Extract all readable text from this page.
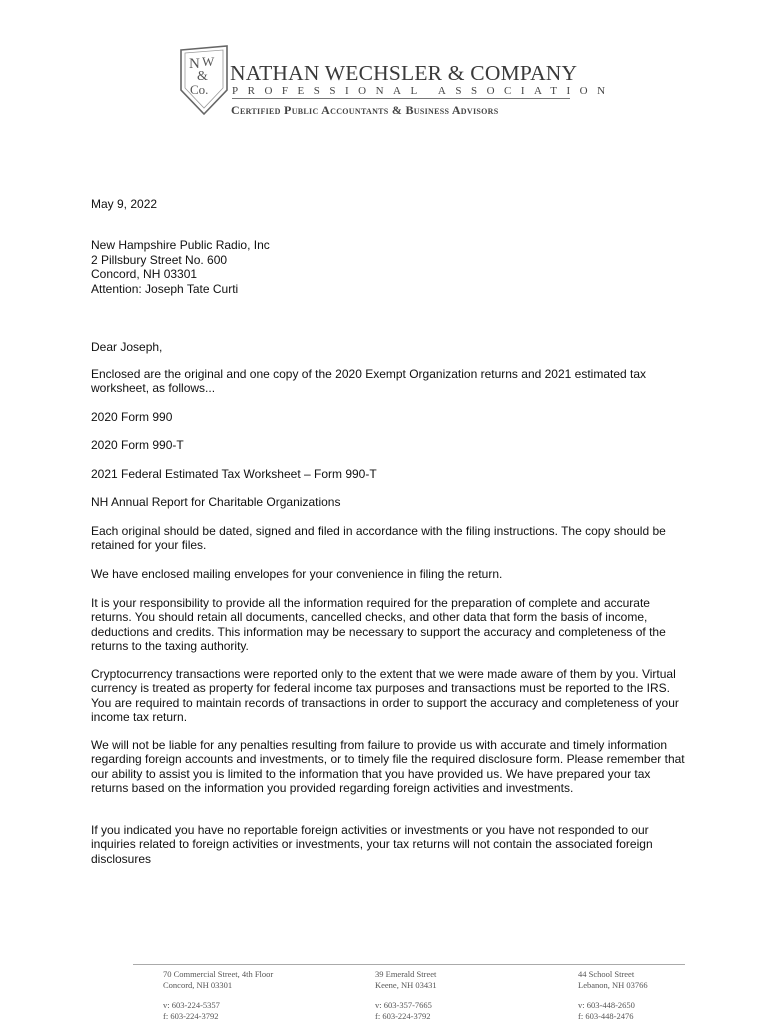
N W
&
Co.
NATHAN WECHSLER & COMPANY
PROFESSIONAL ASSOCIATION
Certified Public Accountants & Business Advisors

May 9, 2022

New Hampshire Public Radio, Inc
2 Pillsbury Street No. 600
Concord, NH 03301
Attention: Joseph Tate Curti

Dear Joseph,

Enclosed are the original and one copy of the 2020 Exempt Organization returns and 2021 estimated tax worksheet, as follows...

2020 Form 990

2020 Form 990-T

2021 Federal Estimated Tax Worksheet – Form 990-T

NH Annual Report for Charitable Organizations

Each original should be dated, signed and filed in accordance with the filing instructions. The copy should be retained for your files.

We have enclosed mailing envelopes for your convenience in filing the return.

It is your responsibility to provide all the information required for the preparation of complete and accurate returns. You should retain all documents, cancelled checks, and other data that form the basis of income, deductions and credits. This information may be necessary to support the accuracy and completeness of the returns to the taxing authority.

Cryptocurrency transactions were reported only to the extent that we were made aware of them by you. Virtual currency is treated as property for federal income tax purposes and transactions must be reported to the IRS. You are required to maintain records of transactions in order to support the accuracy and completeness of your income tax return.

We will not be liable for any penalties resulting from failure to provide us with accurate and timely information regarding foreign accounts and investments, or to timely file the required disclosure form. Please remember that our ability to assist you is limited to the information that you have provided us. We have prepared your tax returns based on the information you provided regarding foreign activities and investments.

If you indicated you have no reportable foreign activities or investments or you have not responded to our inquiries related to foreign activities or investments, your tax returns will not contain the associated foreign disclosures

70 Commercial Street, 4th Floor
Concord, NH 03301
v: 603-224-5357
f: 603-224-3792
39 Emerald Street
Keene, NH 03431
v: 603-357-7665
f: 603-224-3792
44 School Street
Lebanon, NH 03766
v: 603-448-2650
f: 603-448-2476
